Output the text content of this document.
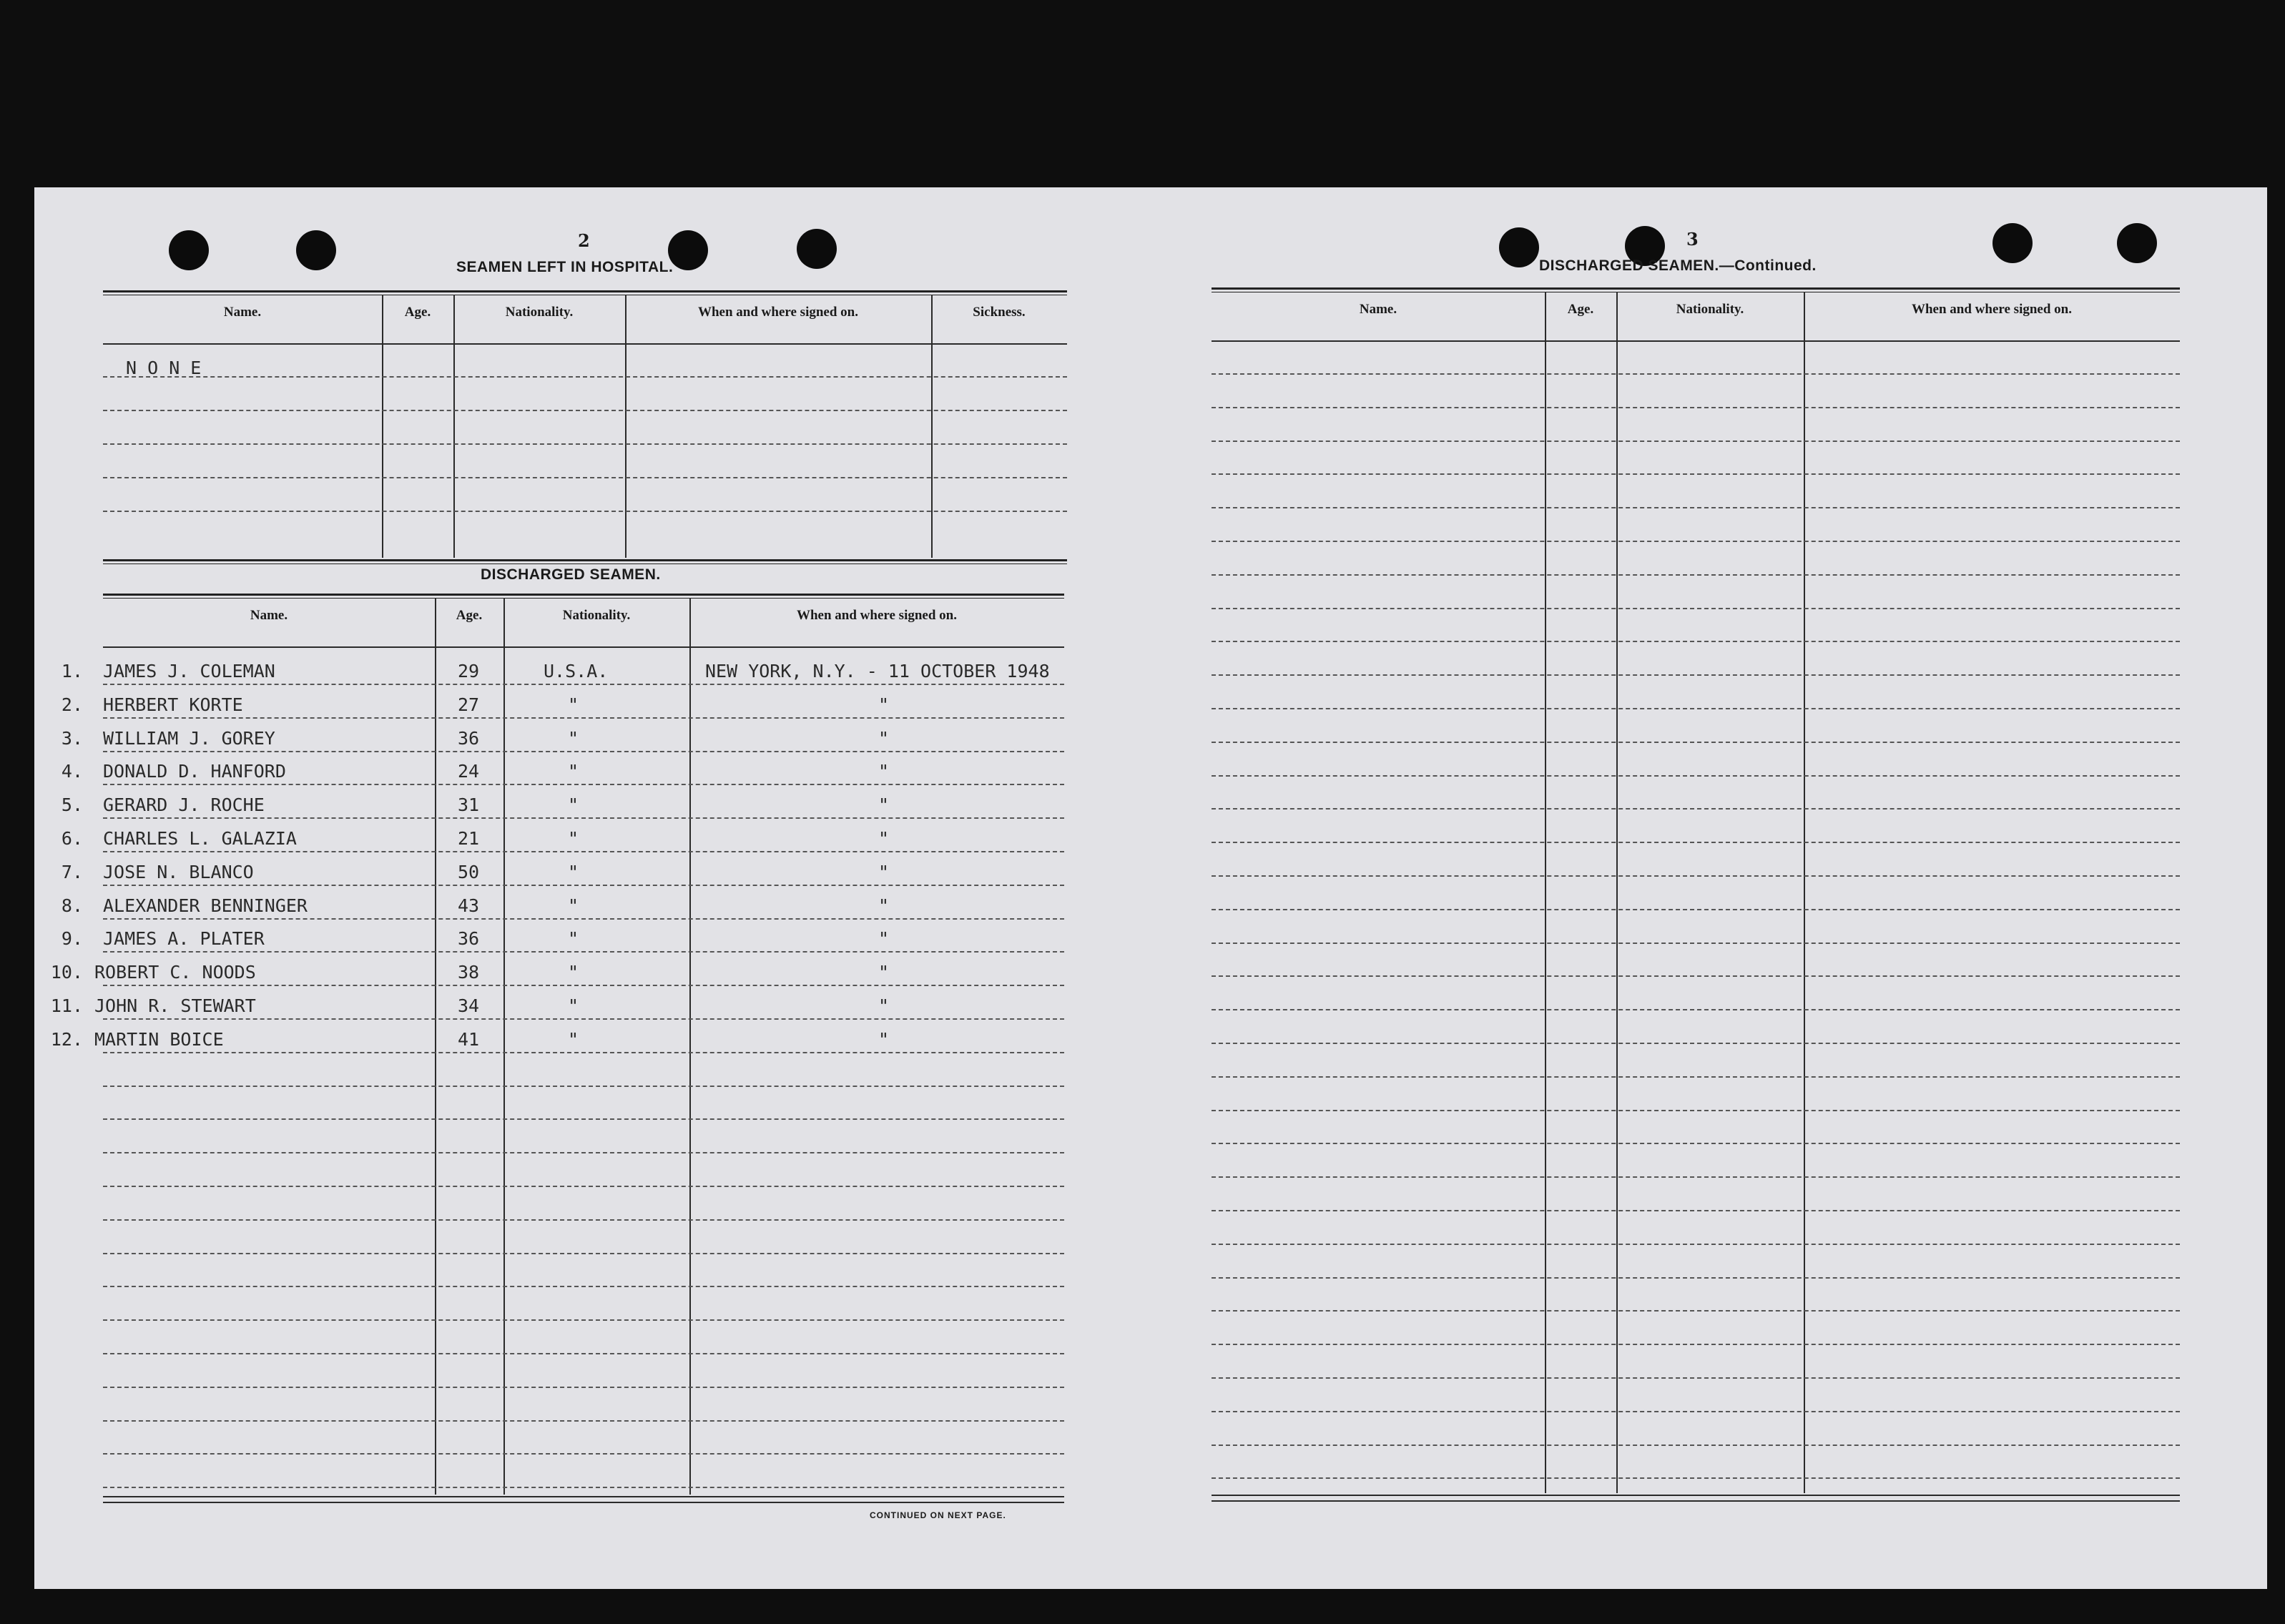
2
SEAMEN LEFT IN HOSPITAL.
Name.	Age.	Nationality.	When and where signed on.	Sickness.
N O N E
DISCHARGED SEAMEN.
Name.	Age.	Nationality.	When and where signed on.
1. JAMES J. COLEMAN	29	U.S.A.	NEW YORK, N.Y. - 11 OCTOBER 1948
2. HERBERT KORTE	27	"	"
3. WILLIAM J. GOREY	36	"	"
4. DONALD D. HANFORD	24	"	"
5. GERARD J. ROCHE	31	"	"
6. CHARLES L. GALAZIA	21	"	"
7. JOSE N. BLANCO	50	"	"
8. ALEXANDER BENNINGER	43	"	"
9. JAMES A. PLATER	36	"	"
10. ROBERT C. NOODS	38	"	"
11. JOHN R. STEWART	34	"	"
12. MARTIN BOICE	41	"	"
CONTINUED ON NEXT PAGE.
3
DISCHARGED SEAMEN.—Continued.
Name.	Age.	Nationality.	When and where signed on.
